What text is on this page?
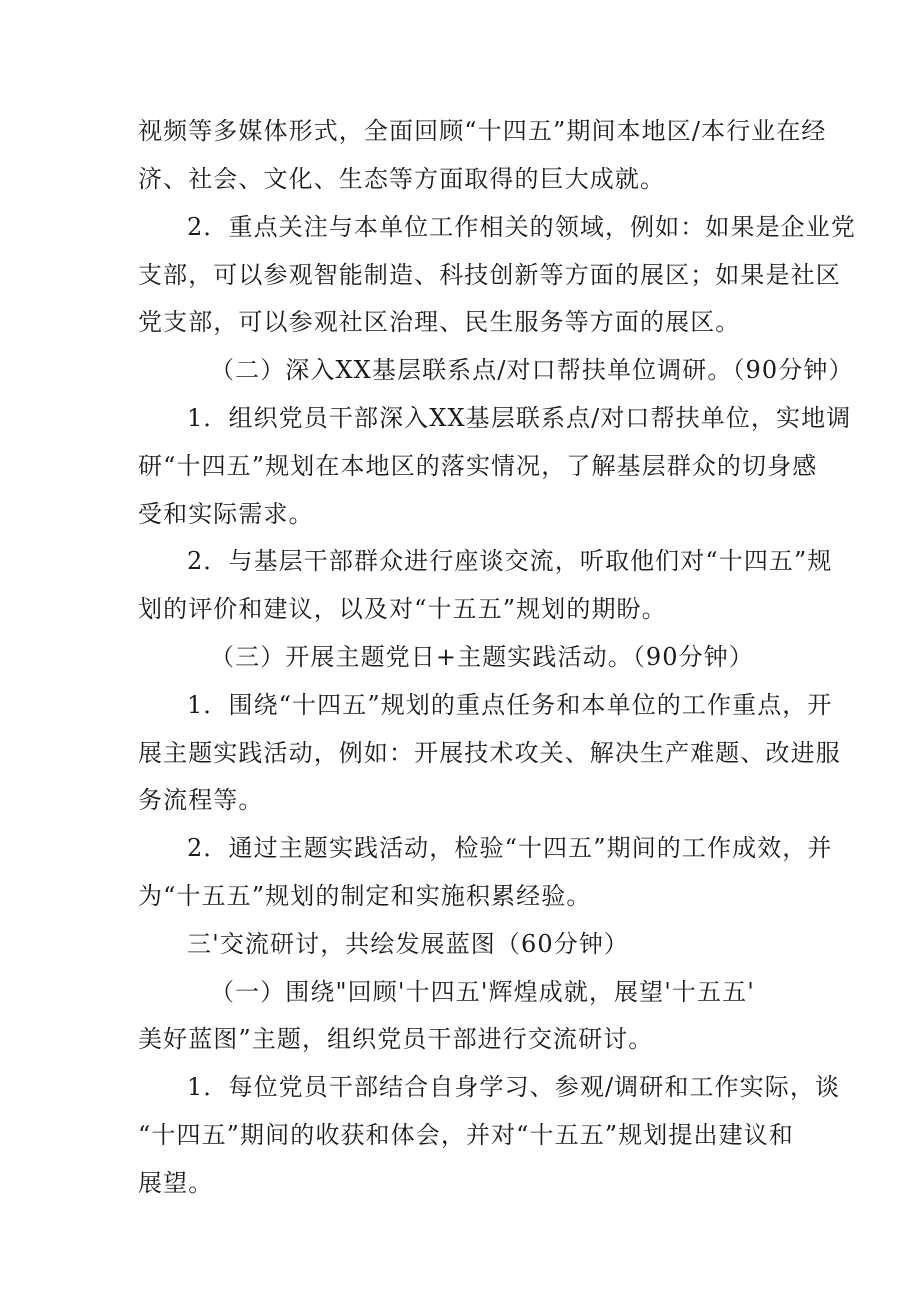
视频等多媒体形式，全面回顾“十四五”期间本地区/本行业在经
济、社会、文化、生态等方面取得的巨大成就。
2．重点关注与本单位工作相关的领域，例如：如果是企业党
支部，可以参观智能制造、科技创新等方面的展区；如果是社区
党支部，可以参观社区治理、民生服务等方面的展区。
（二）深入XX基层联系点/对口帮扶单位调研。（90分钟）
1．组织党员干部深入XX基层联系点/对口帮扶单位，实地调
研“十四五”规划在本地区的落实情况，了解基层群众的切身感
受和实际需求。
2．与基层干部群众进行座谈交流，听取他们对“十四五”规
划的评价和建议，以及对“十五五”规划的期盼。
（三）开展主题党日+主题实践活动。（90分钟）
1．围绕“十四五”规划的重点任务和本单位的工作重点，开
展主题实践活动，例如：开展技术攻关、解决生产难题、改进服
务流程等。
2．通过主题实践活动，检验“十四五”期间的工作成效，并
为“十五五”规划的制定和实施积累经验。
三'交流研讨，共绘发展蓝图（60分钟）
（一）围绕"回顾'十四五'辉煌成就，展望'十五五'
美好蓝图”主题，组织党员干部进行交流研讨。
1．每位党员干部结合自身学习、参观/调研和工作实际，谈
“十四五”期间的收获和体会，并对“十五五”规划提出建议和
展望。
